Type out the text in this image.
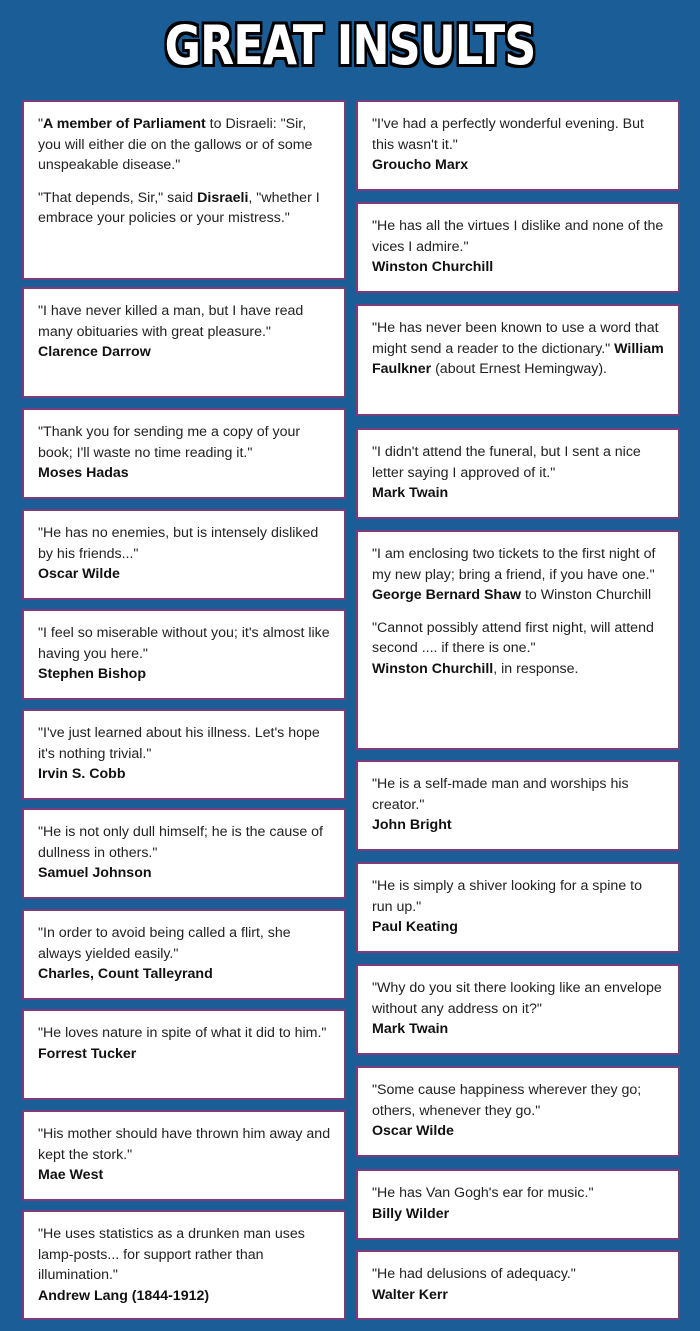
GREAT INSULTS
"A member of Parliament to Disraeli: "Sir, you will either die on the gallows or of some unspeakable disease."
"That depends, Sir," said Disraeli, "whether I embrace your policies or your mistress."
"I have never killed a man, but I have read many obituaries with great pleasure."
Clarence Darrow
"Thank you for sending me a copy of your book; I'll waste no time reading it."
Moses Hadas
"He has no enemies, but is intensely disliked by his friends..."
Oscar Wilde
"I feel so miserable without you; it's almost like having you here."
Stephen Bishop
"I've just learned about his illness. Let's hope it's nothing trivial."
Irvin S. Cobb
"He is not only dull himself; he is the cause of dullness in others."
Samuel Johnson
"In order to avoid being called a flirt, she always yielded easily."
Charles, Count Talleyrand
"He loves nature in spite of what it did to him."
Forrest Tucker
"His mother should have thrown him away and kept the stork."
Mae West
"He uses statistics as a drunken man uses lamp-posts... for support rather than illumination."
Andrew Lang (1844-1912)
"I've had a perfectly wonderful evening. But this wasn't it."
Groucho Marx
"He has all the virtues I dislike and none of the vices I admire."
Winston Churchill
"He has never been known to use a word that might send a reader to the dictionary." William Faulkner (about Ernest Hemingway).
"I didn't attend the funeral, but I sent a nice letter saying I approved of it."
Mark Twain
"I am enclosing two tickets to the first night of my new play; bring a friend, if you have one."
George Bernard Shaw to Winston Churchill
"Cannot possibly attend first night, will attend second .... if there is one."
Winston Churchill, in response.
"He is a self-made man and worships his creator."
John Bright
"He is simply a shiver looking for a spine to run up."
Paul Keating
"Why do you sit there looking like an envelope without any address on it?"
Mark Twain
"Some cause happiness wherever they go; others, whenever they go."
Oscar Wilde
"He has Van Gogh's ear for music."
Billy Wilder
"He had delusions of adequacy."
Walter Kerr
